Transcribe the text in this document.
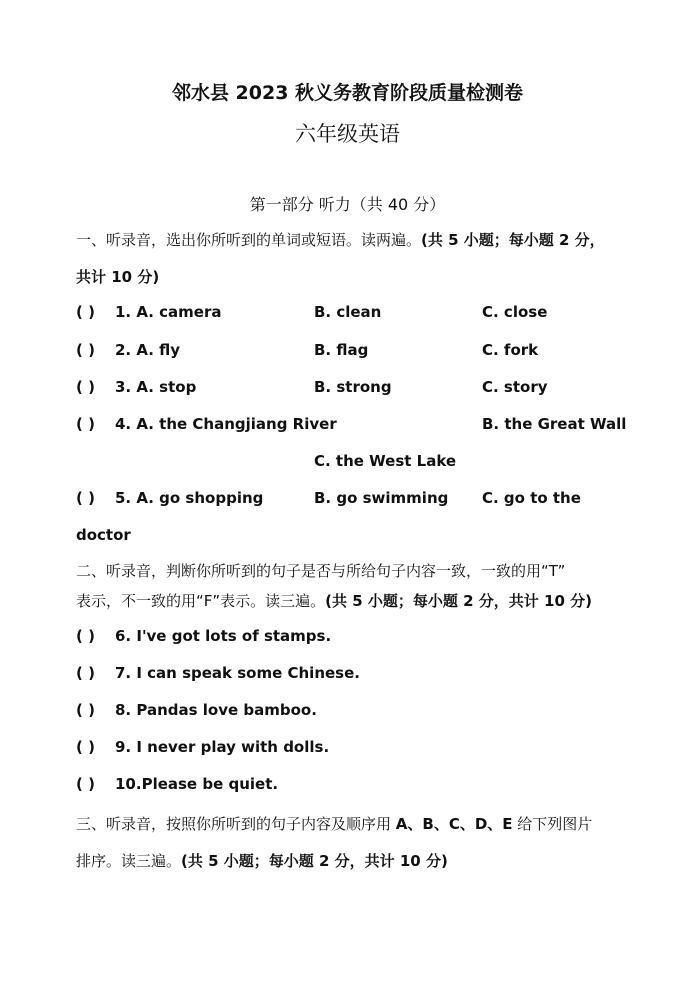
邻水县 2023 秋义务教育阶段质量检测卷
六年级英语
第一部分 听力（共 40 分）
一、听录音，选出你所听到的单词或短语。读两遍。(共 5 小题；每小题 2 分，
共计 10 分)
( ) 1. A. camera	B. clean	C. close
( ) 2. A. fly	B. flag	C. fork
( ) 3. A. stop	B. strong	C. story
( ) 4. A. the Changjiang River	B. the Great Wall
C. the West Lake
( ) 5. A. go shopping	B. go swimming C. go to the
doctor
二、听录音，判断你所听到的句子是否与所给句子内容一致，一致的用“T”
表示，不一致的用“F”表示。读三遍。(共 5 小题；每小题 2 分，共计 10 分)
( ) 6. I've got lots of stamps.
( ) 7. I can speak some Chinese.
( ) 8. Pandas love bamboo.
( ) 9. I never play with dolls.
( ) 10.Please be quiet.
三、听录音，按照你所听到的句子内容及顺序用 A、B、C、D、E 给下列图片
排序。读三遍。(共 5 小题；每小题 2 分，共计 10 分)
